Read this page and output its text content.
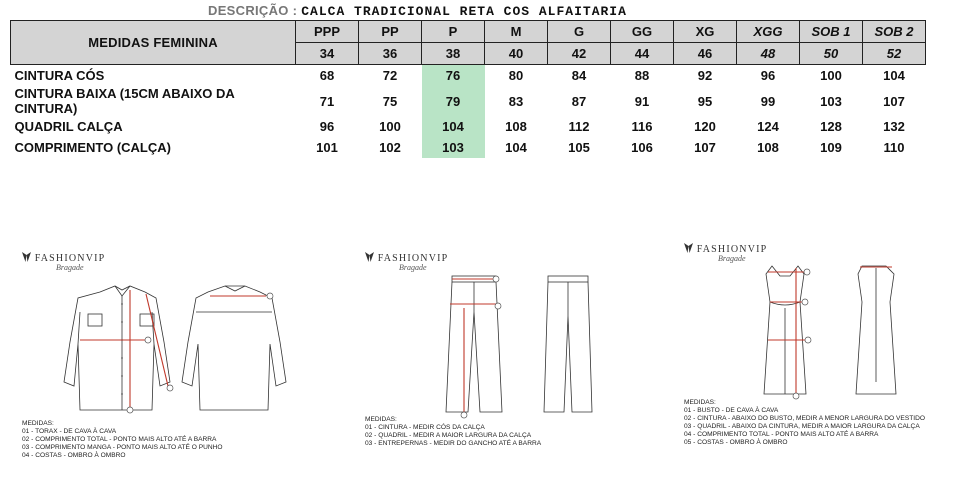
DESCRIÇÃO : CALCA TRADICIONAL RETA COS ALFAITARIA
MEDIDAS FEMININA	PPP	PP	P	M	G	GG	XG	XGG	SOB 1	SOB 2
	34	36	38	40	42	44	46	48	50	52
CINTURA CÓS	68	72	76	80	84	88	92	96	100	104
CINTURA BAIXA (15CM ABAIXO DA CINTURA)	71	75	79	83	87	91	95	99	103	107
QUADRIL CALÇA	96	100	104	108	112	116	120	124	128	132
COMPRIMENTO (CALÇA)	101	102	103	104	105	106	107	108	109	110
FASHIONVIP
Bragade
MEDIDAS:
01 - TORAX - DE CAVA À CAVA
02 - COMPRIMENTO TOTAL - PONTO MAIS ALTO ATÉ A BARRA
03 - COMPRIMENTO MANGA - PONTO MAIS ALTO ATÉ O PUNHO
04 - COSTAS - OMBRO À OMBRO
FASHIONVIP
Bragade
MEDIDAS:
01 - CINTURA - MEDIR CÓS DA CALÇA
02 - QUADRIL - MEDIR A MAIOR LARGURA DA CALÇA
03 - ENTREPERNAS - MEDIR DO GANCHO ATÉ A BARRA
FASHIONVIP
Bragade
MEDIDAS:
01 - BUSTO - DE CAVA À CAVA
02 - CINTURA - ABAIXO DO BUSTO, MEDIR A MENOR LARGURA DO VESTIDO
03 - QUADRIL - ABAIXO DA CINTURA, MEDIR A MAIOR LARGURA DA CALÇA
04 - COMPRIMENTO TOTAL - PONTO MAIS ALTO ATÉ A BARRA
05 - COSTAS - OMBRO À OMBRO
